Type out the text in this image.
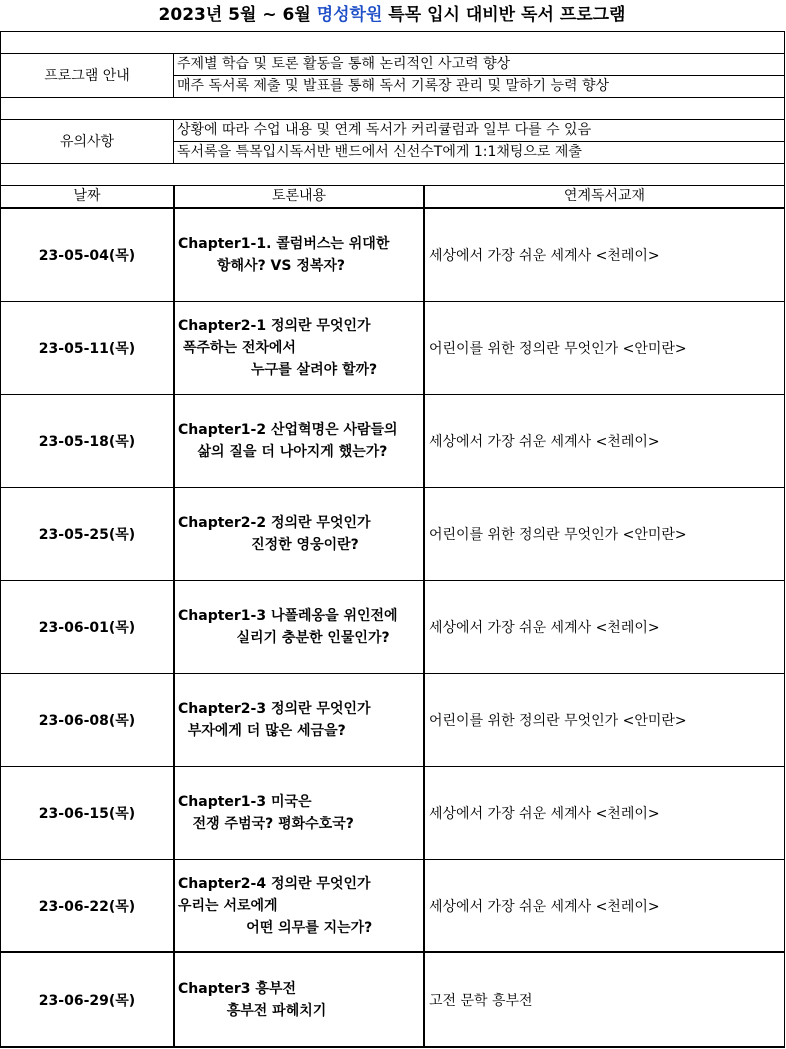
2023년 5월 ~ 6월 명성학원 특목 입시 대비반 독서 프로그램
프로그램 안내
주제별 학습 및 토론 활동을 통해 논리적인 사고력 향상
매주 독서록 제출 및 발표를 통해 독서 기록장 관리 및 말하기 능력 향상
유의사항
상황에 따라 수업 내용 및 연계 독서가 커리큘럼과 일부 다를 수 있음
독서록을 특목입시독서반 밴드에서 신선수T에게 1:1채팅으로 제출
날짜	토론내용	연계독서교재
23-05-04(목)
Chapter1-1. 콜럼버스는 위대한
항해사? VS 정복자?
세상에서 가장 쉬운 세계사 <천레이>
23-05-11(목)
Chapter2-1 정의란 무엇인가
폭주하는 전차에서
누구를 살려야 할까?
어린이를 위한 정의란 무엇인가 <안미란>
23-05-18(목)
Chapter1-2 산업혁명은 사람들의
삶의 질을 더 나아지게 했는가?
세상에서 가장 쉬운 세계사 <천레이>
23-05-25(목)
Chapter2-2 정의란 무엇인가
진정한 영웅이란?
어린이를 위한 정의란 무엇인가 <안미란>
23-06-01(목)
Chapter1-3 나폴레옹을 위인전에
실리기 충분한 인물인가?
세상에서 가장 쉬운 세계사 <천레이>
23-06-08(목)
Chapter2-3 정의란 무엇인가
부자에게 더 많은 세금을?
어린이를 위한 정의란 무엇인가 <안미란>
23-06-15(목)
Chapter1-3 미국은
전쟁 주범국? 평화수호국?
세상에서 가장 쉬운 세계사 <천레이>
23-06-22(목)
Chapter2-4 정의란 무엇인가
우리는 서로에게
어떤 의무를 지는가?
세상에서 가장 쉬운 세계사 <천레이>
23-06-29(목)
Chapter3 흥부전
흥부전 파헤치기
고전 문학 흥부전
